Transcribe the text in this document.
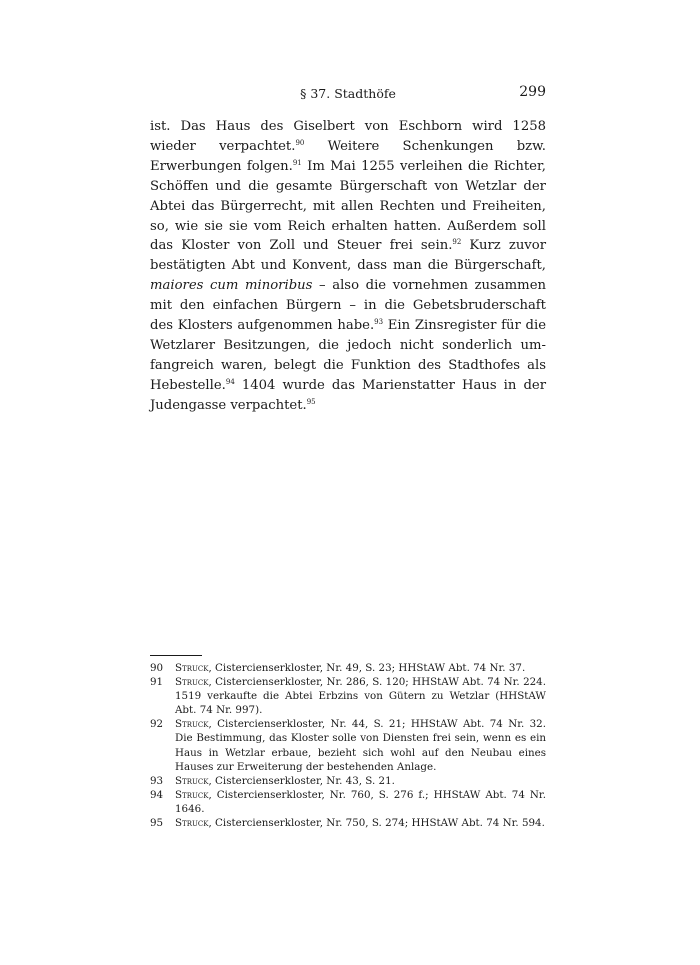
§ 37. Stadthöfe	299

ist. Das Haus des Giselbert von Eschborn wird 1258 wieder verpachtet.$^{90}$ Weitere Schenkungen bzw. Erwerbungen folgen.$^{91}$ Im Mai 1255 verleihen die Richter, Schöffen und die gesamte Bürgerschaft von Wetzlar der Abtei das Bürgerrecht, mit allen Rechten und Freiheiten, so, wie sie sie vom Reich erhalten hatten. Außerdem soll das Kloster von Zoll und Steuer frei sein.$^{92}$ Kurz zuvor bestätigten Abt und Konvent, dass man die Bürgerschaft, maiores cum minoribus – also die vornehmen zusammen mit den einfachen Bürgern – in die Gebetsbruderschaft des Klosters aufgenommen habe.$^{93}$ Ein Zinsregister für die Wetzlarer Besitzungen, die jedoch nicht sonderlich umfangreich waren, belegt die Funktion des Stadthofes als Hebestelle.$^{94}$ 1404 wurde das Marienstatter Haus in der Judengasse verpachtet.$^{95}$

90	Struck, Cistercienserkloster, Nr. 49, S. 23; HHStAW Abt. 74 Nr. 37.
91	Struck, Cistercienserkloster, Nr. 286, S. 120; HHStAW Abt. 74 Nr. 224. 1519 verkaufte die Abtei Erbzins von Gütern zu Wetzlar (HHStAW Abt. 74 Nr. 997).
92	Struck, Cistercienserkloster, Nr. 44, S. 21; HHStAW Abt. 74 Nr. 32. Die Bestimmung, das Kloster solle von Diensten frei sein, wenn es ein Haus in Wetzlar erbaue, bezieht sich wohl auf den Neubau eines Hauses zur Erweiterung der bestehenden Anlage.
93	Struck, Cistercienserkloster, Nr. 43, S. 21.
94	Struck, Cistercienserkloster, Nr. 760, S. 276 f.; HHStAW Abt. 74 Nr. 1646.
95	Struck, Cistercienserkloster, Nr. 750, S. 274; HHStAW Abt. 74 Nr. 594.
